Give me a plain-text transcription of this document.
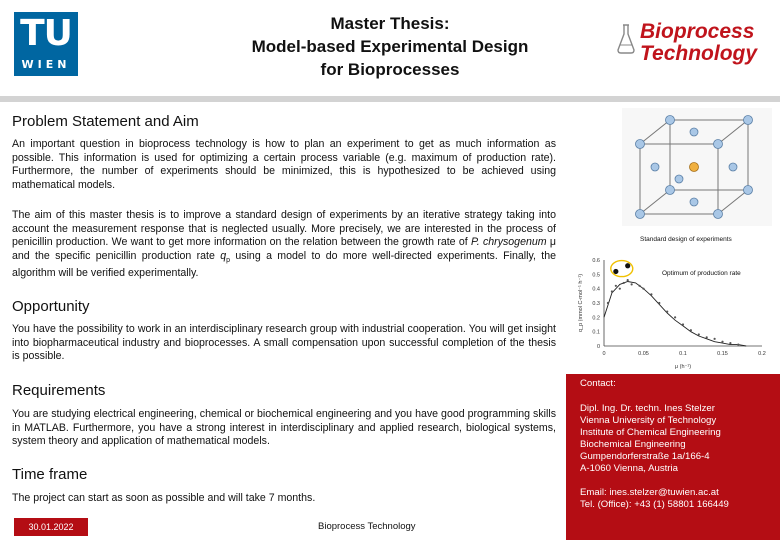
TU
WIEN
Master Thesis:
Model-based Experimental Design
for Bioprocesses
Bioprocess
Technology
Problem Statement and Aim

An important question in bioprocess technology is how to plan an experiment to get as much information as possible. This information is used for optimizing a certain process variable (e.g. maximum of production rate). Furthermore, the number of experiments should be minimized, this is hypothesized to be achieved using mathematical models.

The aim of this master thesis is to improve a standard design of experiments by an iterative strategy taking into account the measurement response that is neglected usually. More precisely, we are interested in the process of penicillin production. We want to get more information on the relation between the growth rate of P. chrysogenum μ and the specific penicillin production rate $q_p$ using a model to do more well-directed experiments. Finally, the algorithm will be verified experimentally.

Standard design of experiments
0	0.05	0.1	0.15	0.2
0
0.1
0.2
0.3
0.4
0.5
0.6
μ (h⁻¹)
q_p (mmol C-mol⁻¹ h⁻¹)
Optimum of production rate
Opportunity

You have the possibility to work in an interdisciplinary research group with industrial cooperation. You will get insight into biopharmaceutical industry and bioprocesses. A small compensation upon successful completion of the thesis is possible.

Requirements

You are studying electrical engineering, chemical or biochemical engineering and you have good programming skills in MATLAB. Furthermore, you have a strong interest in interdisciplinary and applied research, biological systems, system theory and application of mathematical models.

Time frame

The project can start as soon as possible and will take 7 months.

Contact:
Dipl. Ing. Dr. techn. Ines Stelzer
Vienna University of Technology
Institute of Chemical Engineering
Biochemical Engineering
Gumpendorferstraße 1a/166-4
A-1060 Vienna, Austria
Email: ines.stelzer@tuwien.ac.at
Tel. (Office): +43 (1) 58801 166449
30.01.2022	Bioprocess Technology
